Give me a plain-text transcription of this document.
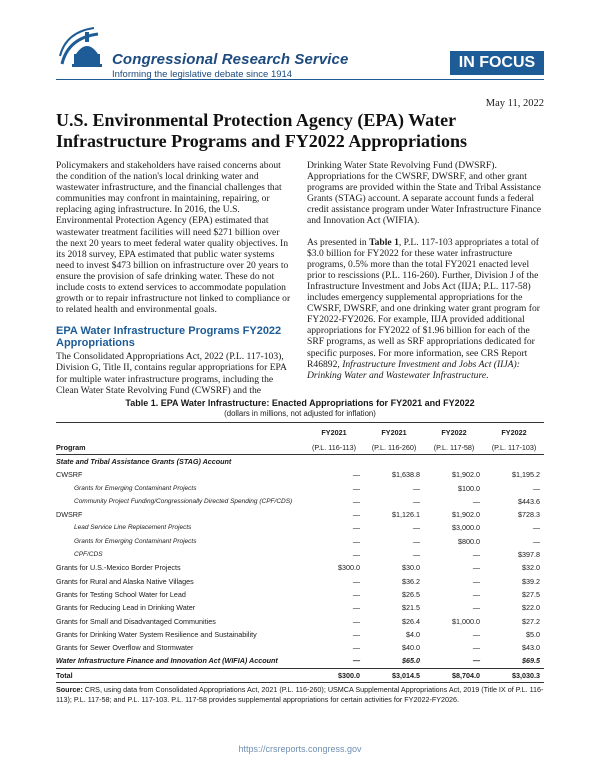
Congressional Research Service
Informing the legislative debate since 1914
IN FOCUS
May 11, 2022
U.S. Environmental Protection Agency (EPA) Water Infrastructure Programs and FY2022 Appropriations

Policymakers and stakeholders have raised concerns about the condition of the nation's local drinking water and wastewater infrastructure, and the financial challenges that communities may confront in maintaining, repairing, or replacing aging infrastructure. In 2016, the U.S. Environmental Protection Agency (EPA) estimated that wastewater treatment facilities will need $271 billion over the next 20 years to meet federal water quality objectives. In its 2018 survey, EPA estimated that public water systems need to invest $473 billion on infrastructure over 20 years to ensure the provision of safe drinking water. These do not include costs to extend services to accommodate population growth or to repair infrastructure not linked to compliance or to related health and environmental goals.

EPA Water Infrastructure Programs FY2022 Appropriations

The Consolidated Appropriations Act, 2022 (P.L. 117-103), Division G, Title II, contains regular appropriations for EPA for multiple water infrastructure programs, including the Clean Water State Revolving Fund (CWSRF) and the

Drinking Water State Revolving Fund (DWSRF). Appropriations for the CWSRF, DWSRF, and other grant programs are provided within the State and Tribal Assistance Grants (STAG) account. A separate account funds a federal credit assistance program under Water Infrastructure Finance and Innovation Act (WIFIA).

As presented in Table 1, P.L. 117-103 appropriates a total of $3.0 billion for FY2022 for these water infrastructure programs, 0.5% more than the total FY2021 enacted level prior to rescissions (P.L. 116-260). Further, Division J of the Infrastructure Investment and Jobs Act (IIJA; P.L. 117-58) includes emergency supplemental appropriations for the CWSRF, DWSRF, and one drinking water grant program for FY2022-FY2026. For example, IIJA provided additional appropriations for FY2022 of $1.96 billion for each of the SRF programs, as well as SRF appropriations dedicated for specific purposes. For more information, see CRS Report R46892, Infrastructure Investment and Jobs Act (IIJA): Drinking Water and Wastewater Infrastructure.

Table 1. EPA Water Infrastructure: Enacted Appropriations for FY2021 and FY2022
(dollars in millions, not adjusted for inflation)
	FY2021	FY2021	FY2022	FY2022
Program	(P.L. 116-113)	(P.L. 116-260)	(P.L. 117-58)	(P.L. 117-103)
State and Tribal Assistance Grants (STAG) Account				
CWSRF	—	$1,638.8	$1,902.0	$1,195.2
Grants for Emerging Contaminant Projects	—	—	$100.0	—
Community Project Funding/Congressionally Directed Spending (CPF/CDS)	—	—	—	$443.6
DWSRF	—	$1,126.1	$1,902.0	$728.3
Lead Service Line Replacement Projects	—	—	$3,000.0	—
Grants for Emerging Contaminant Projects	—	—	$800.0	—
CPF/CDS	—	—	—	$397.8
Grants for U.S.-Mexico Border Projects	$300.0	$30.0	—	$32.0
Grants for Rural and Alaska Native Villages	—	$36.2	—	$39.2
Grants for Testing School Water for Lead	—	$26.5	—	$27.5
Grants for Reducing Lead in Drinking Water	—	$21.5	—	$22.0
Grants for Small and Disadvantaged Communities	—	$26.4	$1,000.0	$27.2
Grants for Drinking Water System Resilience and Sustainability	—	$4.0	—	$5.0
Grants for Sewer Overflow and Stormwater	—	$40.0	—	$43.0
Water Infrastructure Finance and Innovation Act (WIFIA) Account	—	$65.0	—	$69.5
Total	$300.0	$3,014.5	$8,704.0	$3,030.3
Source: CRS, using data from Consolidated Appropriations Act, 2021 (P.L. 116-260); USMCA Supplemental Appropriations Act, 2019 (Title IX of P.L. 116-113); P.L. 117-58; and P.L. 117-103. P.L. 117-58 provides supplemental appropriations for certain activities for FY2022-FY2026.
https://crsreports.congress.gov
